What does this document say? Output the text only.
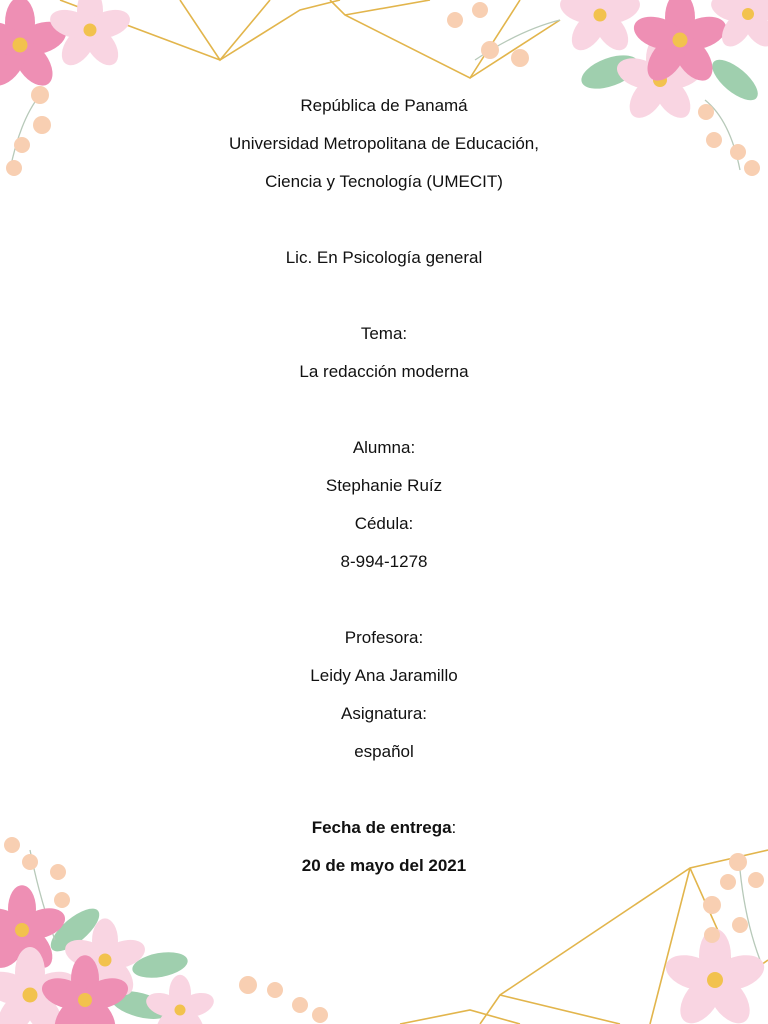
República de Panamá
Universidad Metropolitana de Educación,
Ciencia y Tecnología (UMECIT)
Lic. En Psicología general
Tema:
La redacción moderna
Alumna:
Stephanie Ruíz
Cédula:
8-994-1278
Profesora:
Leidy Ana Jaramillo
Asignatura:
español
Fecha de entrega:
20 de mayo del 2021
